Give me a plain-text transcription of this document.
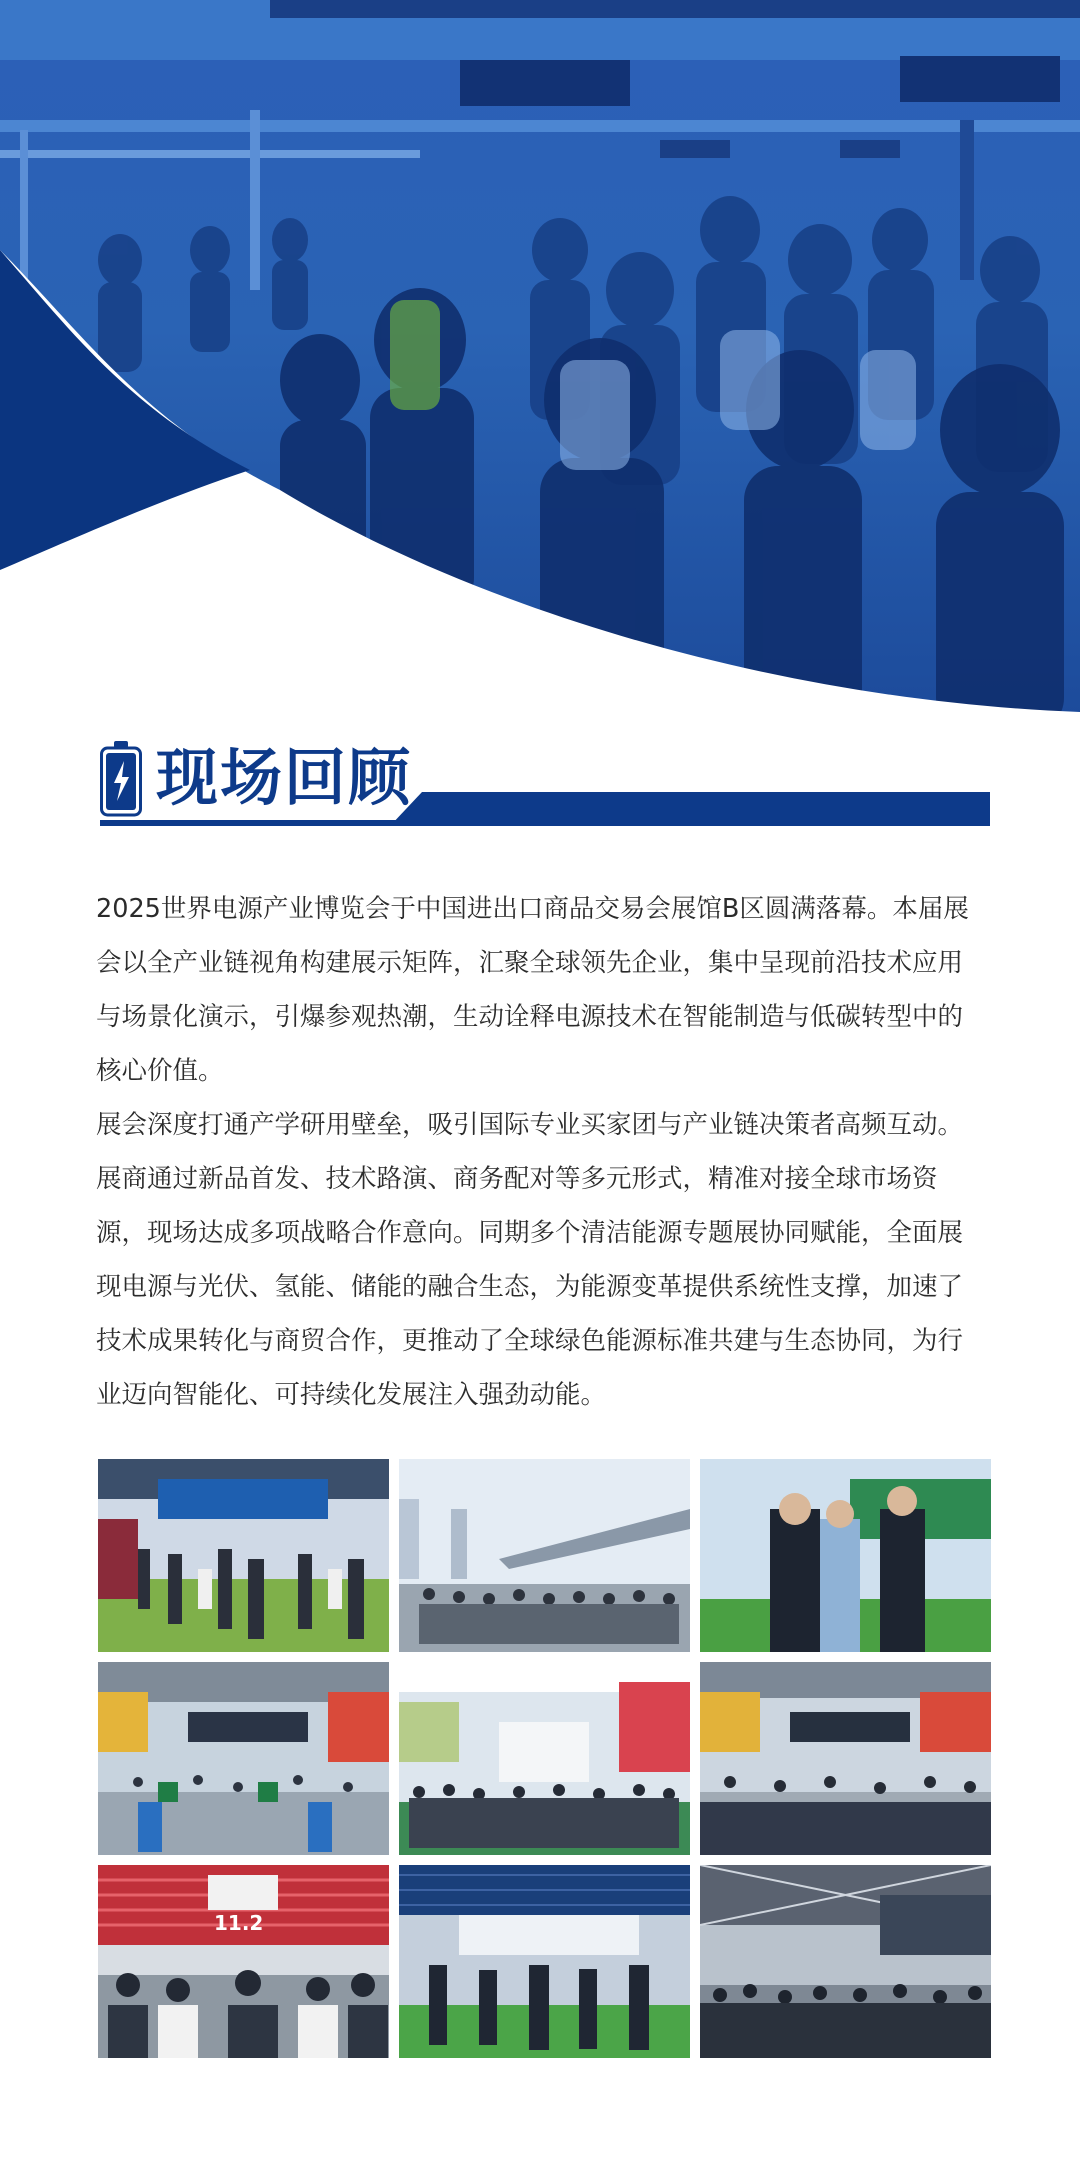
现场回顾
2025世界电源产业博览会于中国进出口商品交易会展馆B区圆满落幕。本届展
会以全产业链视角构建展示矩阵，汇聚全球领先企业，集中呈现前沿技术应用
与场景化演示，引爆参观热潮，生动诠释电源技术在智能制造与低碳转型中的
核心价值。
展会深度打通产学研用壁垒，吸引国际专业买家团与产业链决策者高频互动。
展商通过新品首发、技术路演、商务配对等多元形式，精准对接全球市场资
源，现场达成多项战略合作意向。同期多个清洁能源专题展协同赋能，全面展
现电源与光伏、氢能、储能的融合生态，为能源变革提供系统性支撑，加速了
技术成果转化与商贸合作，更推动了全球绿色能源标准共建与生态协同，为行
业迈向智能化、可持续化发展注入强劲动能。
11.2
